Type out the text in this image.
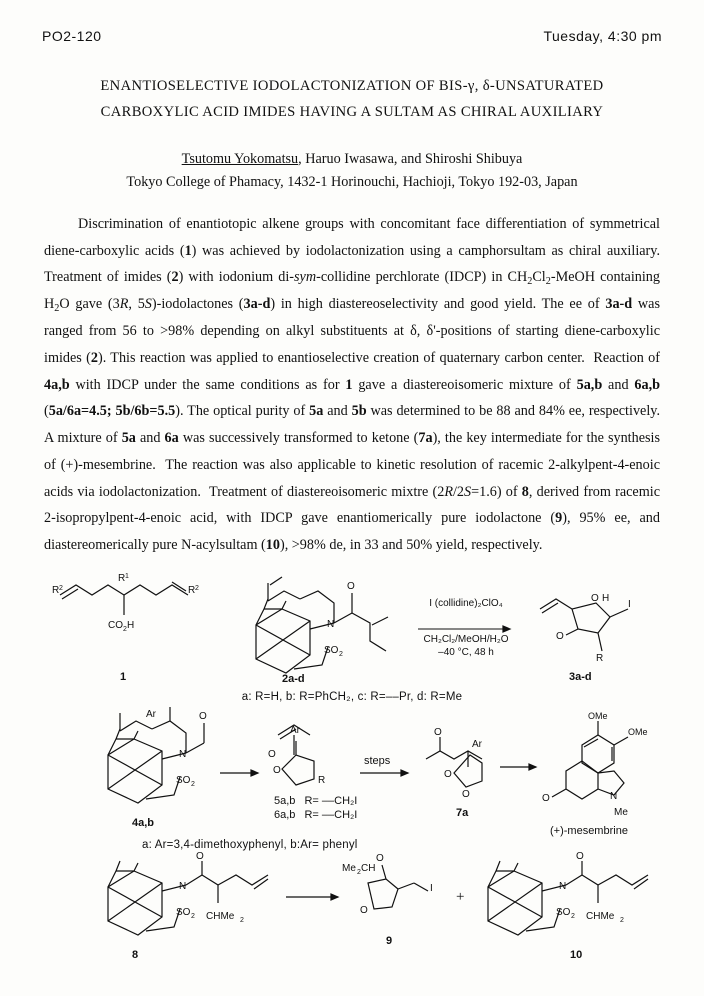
PO2-120	Tuesday, 4:30 pm
ENANTIOSELECTIVE IODOLACTONIZATION OF BIS-γ, δ-UNSATURATED
CARBOXYLIC ACID IMIDES HAVING A SULTAM AS CHIRAL AUXILIARY
Tsutomu Yokomatsu, Haruo Iwasawa, and Shiroshi Shibuya
Tokyo College of Phamacy, 1432-1 Horinouchi, Hachioji, Tokyo 192-03, Japan
Discrimination of enantiotopic alkene groups with concomitant face differentiation of symmetrical diene-carboxylic acids (1) was achieved by iodolactonization using a camphorsultam as chiral auxiliary. Treatment of imides (2) with iodonium di-sym-collidine perchlorate (IDCP) in $CH_2Cl_2$-MeOH containing $H_2O$ gave (3R, 5S)-iodolactones (3a-d) in high diastereoselectivity and good yield. The ee of 3a-d was ranged from 56 to >98% depending on alkyl substituents at δ, δ'-positions of starting diene-carboxylic imides (2). This reaction was applied to enantioselective creation of quaternary carbon center.  Reaction of 4a,b with IDCP under the same conditions as for 1 gave a diastereoisomeric mixture of 5a,b and 6a,b (5a/6a=4.5; 5b/6b=5.5). The optical purity of 5a and 5b was determined to be 88 and 84% ee, respectively. A mixture of 5a and 6a was successively transformed to ketone (7a), the key intermediate for the synthesis of (+)-mesembrine.  The reaction was also applicable to kinetic resolution of racemic 2-alkylpent-4-enoic acids via iodolactonization.  Treatment of diastereoisomeric mixtre (2R/2S=1.6) of 8, derived from racemic 2-isopropylpent-4-enoic acid, with IDCP gave enantiomerically pure iodolactone (9), 95% ee, and diastereomerically pure N-acylsultam (10), >98% de, in 33 and 50% yield, respectively.
R 2
R 1
R 2
CO 2 H	N
SO 2
O
O
O H
I
R
I (collidine)₂ClO₄
CH₂Cl₂/MeOH/H₂O
–40 °C, 48 h
1	2a-d	3a-d
a: R=H, b: R=PhCH₂, c: R=––Pr, d: R=Me
N
SO 2
O
Ar
O
Ar
O
R
O
Ar
O
O
OMe
OMe
O	N
Me
steps
4a,b
5a,b R= ––CH₂I
6a,b R= ––CH₂I	7a
(+)-mesembrine
a: Ar=3,4-dimethoxyphenyl, b:Ar= phenyl
N
SO 2
O
CHMe 2
Me 2 CH
O
O
I	N
SO 2
O
CHMe 2
8
9
+
10
